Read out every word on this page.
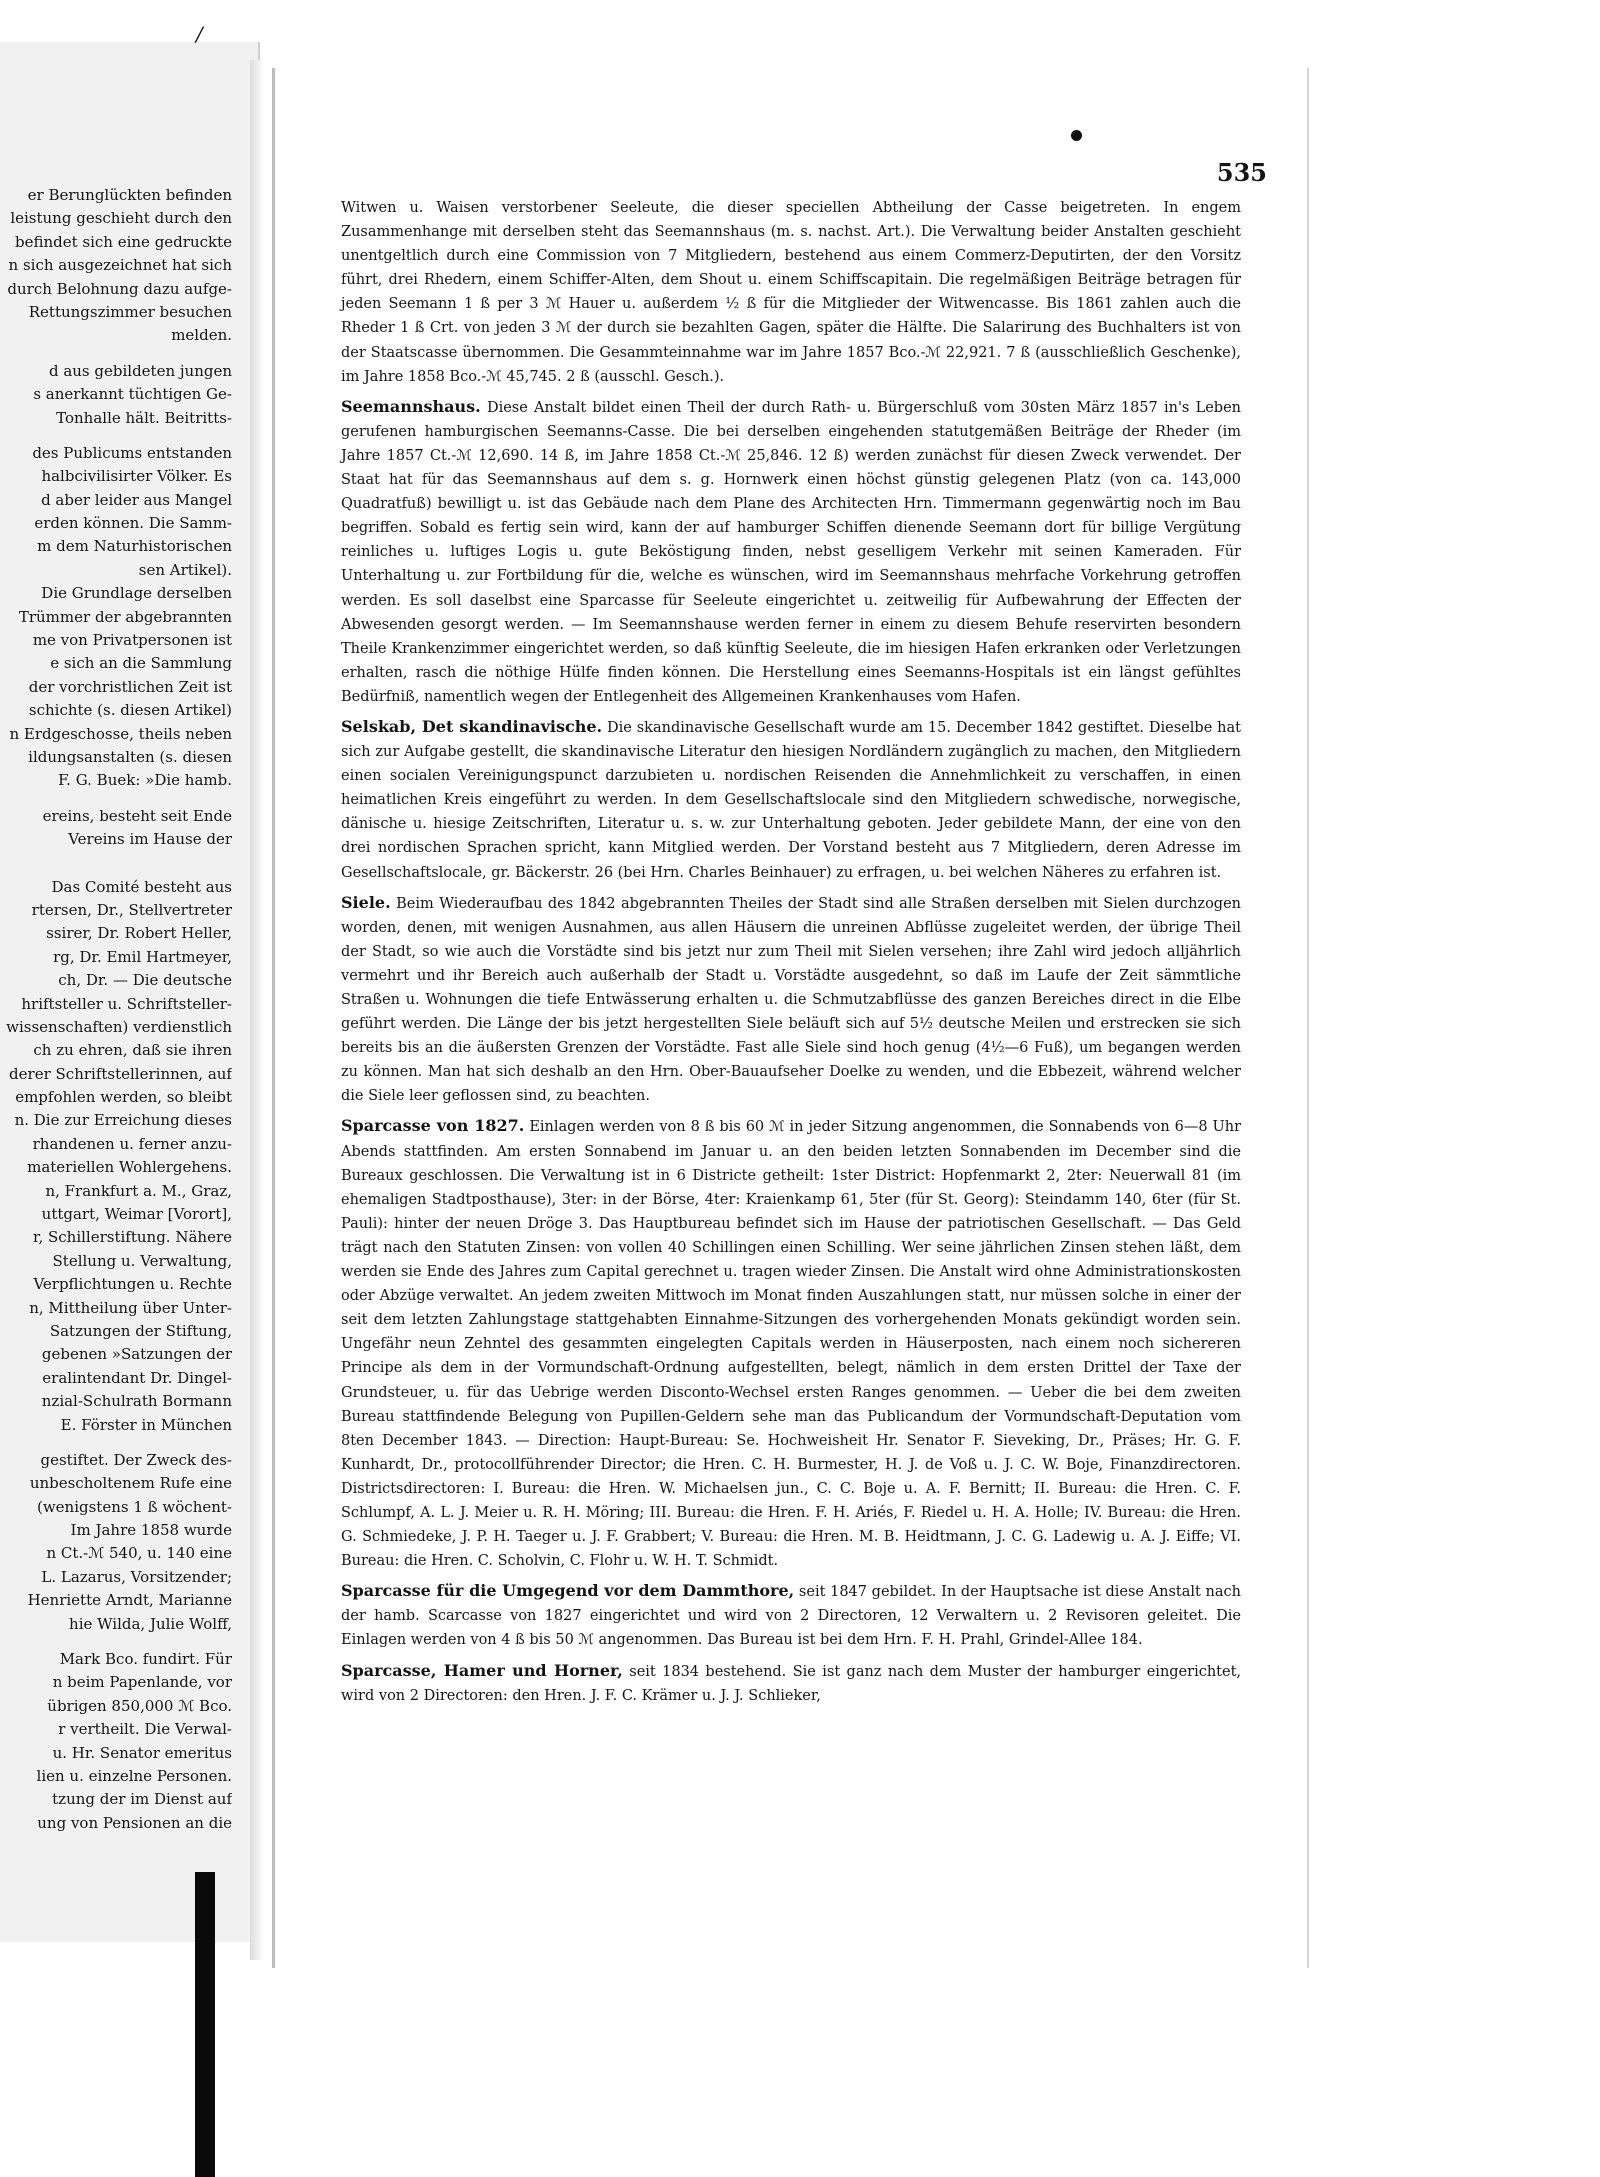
er Berunglückten befinden
leistung geschieht durch den
befindet sich eine gedruckte
n sich ausgezeichnet hat sich
durch Belohnung dazu aufge-
Rettungszimmer besuchen
melden.
d aus gebildeten jungen
s anerkannt tüchtigen Ge-
Tonhalle hält. Beitritts-
des Publicums entstanden
halbcivilisirter Völker. Es
d aber leider aus Mangel
erden können. Die Samm-
m dem Naturhistorischen
sen Artikel).
Die Grundlage derselben
Trümmer der abgebrannten
me von Privatpersonen ist
e sich an die Sammlung
der vorchristlichen Zeit ist
schichte (s. diesen Artikel)
n Erdgeschosse, theils neben
ildungsanstalten (s. diesen
F. G. Buek: »Die hamb.
ereins, besteht seit Ende
Vereins im Hause der
Das Comité besteht aus
rtersen, Dr., Stellvertreter
ssirer, Dr. Robert Heller,
rg, Dr. Emil Hartmeyer,
ch, Dr. — Die deutsche
hriftsteller u. Schriftsteller-
wissenschaften) verdienstlich
ch zu ehren, daß sie ihren
derer Schriftstellerinnen, auf
empfohlen werden, so bleibt
n. Die zur Erreichung dieses
rhandenen u. ferner anzu-
materiellen Wohlergehens.
n, Frankfurt a. M., Graz,
uttgart, Weimar [Vorort],
r, Schillerstiftung. Nähere
Stellung u. Verwaltung,
Verpflichtungen u. Rechte
n, Mittheilung über Unter-
Satzungen der Stiftung,
gebenen »Satzungen der
eralintendant Dr. Dingel-
nzial-Schulrath Bormann
E. Förster in München
gestiftet. Der Zweck des-
unbescholtenem Rufe eine
(wenigstens 1 ß wöchent-
Im Jahre 1858 wurde
n Ct.-ℳ 540, u. 140 eine
L. Lazarus, Vorsitzender;
Henriette Arndt, Marianne
hie Wilda, Julie Wolff,
Mark Bco. fundirt. Für
n beim Papenlande, vor
übrigen 850,000 ℳ Bco.
r vertheilt. Die Verwal-
u. Hr. Senator emeritus
lien u. einzelne Personen.
tzung der im Dienst auf
ung von Pensionen an die
/
535

Witwen u. Waisen verstorbener Seeleute, die dieser speciellen Abtheilung der Casse beigetreten. In engem Zusammenhange mit derselben steht das Seemannshaus (m. s. nachst. Art.). Die Verwaltung beider Anstalten geschieht unentgeltlich durch eine Commission von 7 Mitgliedern, bestehend aus einem Commerz-Deputirten, der den Vorsitz führt, drei Rhedern, einem Schiffer-Alten, dem Shout u. einem Schiffscapitain. Die regelmäßigen Beiträge betragen für jeden Seemann 1 ß per 3 ℳ Hauer u. außerdem ½ ß für die Mitglieder der Witwencasse. Bis 1861 zahlen auch die Rheder 1 ß Crt. von jeden 3 ℳ der durch sie bezahlten Gagen, später die Hälfte. Die Salarirung des Buchhalters ist von der Staatscasse übernommen. Die Gesammteinnahme war im Jahre 1857 Bco.-ℳ 22,921. 7 ß (ausschließlich Geschenke), im Jahre 1858 Bco.-ℳ 45,745. 2 ß (ausschl. Gesch.).

Seemannshaus. Diese Anstalt bildet einen Theil der durch Rath- u. Bürgerschluß vom 30sten März 1857 in's Leben gerufenen hamburgischen Seemanns-Casse. Die bei derselben eingehenden statutgemäßen Beiträge der Rheder (im Jahre 1857 Ct.-ℳ 12,690. 14 ß, im Jahre 1858 Ct.-ℳ 25,846. 12 ß) werden zunächst für diesen Zweck verwendet. Der Staat hat für das Seemannshaus auf dem s. g. Hornwerk einen höchst günstig gelegenen Platz (von ca. 143,000 Quadratfuß) bewilligt u. ist das Gebäude nach dem Plane des Architecten Hrn. Timmermann gegenwärtig noch im Bau begriffen. Sobald es fertig sein wird, kann der auf hamburger Schiffen dienende Seemann dort für billige Vergütung reinliches u. luftiges Logis u. gute Beköstigung finden, nebst geselligem Verkehr mit seinen Kameraden. Für Unterhaltung u. zur Fortbildung für die, welche es wünschen, wird im Seemannshaus mehrfache Vorkehrung getroffen werden. Es soll daselbst eine Sparcasse für Seeleute eingerichtet u. zeitweilig für Aufbewahrung der Effecten der Abwesenden gesorgt werden. — Im Seemannshause werden ferner in einem zu diesem Behufe reservirten besondern Theile Krankenzimmer eingerichtet werden, so daß künftig Seeleute, die im hiesigen Hafen erkranken oder Verletzungen erhalten, rasch die nöthige Hülfe finden können. Die Herstellung eines Seemanns-Hospitals ist ein längst gefühltes Bedürfniß, namentlich wegen der Entlegenheit des Allgemeinen Krankenhauses vom Hafen.

Selskab, Det skandinavische. Die skandinavische Gesellschaft wurde am 15. December 1842 gestiftet. Dieselbe hat sich zur Aufgabe gestellt, die skandinavische Literatur den hiesigen Nordländern zugänglich zu machen, den Mitgliedern einen socialen Vereinigungspunct darzubieten u. nordischen Reisenden die Annehmlichkeit zu verschaffen, in einen heimatlichen Kreis eingeführt zu werden. In dem Gesellschaftslocale sind den Mitgliedern schwedische, norwegische, dänische u. hiesige Zeitschriften, Literatur u. s. w. zur Unterhaltung geboten. Jeder gebildete Mann, der eine von den drei nordischen Sprachen spricht, kann Mitglied werden. Der Vorstand besteht aus 7 Mitgliedern, deren Adresse im Gesellschaftslocale, gr. Bäckerstr. 26 (bei Hrn. Charles Beinhauer) zu erfragen, u. bei welchen Näheres zu erfahren ist.

Siele. Beim Wiederaufbau des 1842 abgebrannten Theiles der Stadt sind alle Straßen derselben mit Sielen durchzogen worden, denen, mit wenigen Ausnahmen, aus allen Häusern die unreinen Abflüsse zugeleitet werden, der übrige Theil der Stadt, so wie auch die Vorstädte sind bis jetzt nur zum Theil mit Sielen versehen; ihre Zahl wird jedoch alljährlich vermehrt und ihr Bereich auch außerhalb der Stadt u. Vorstädte ausgedehnt, so daß im Laufe der Zeit sämmtliche Straßen u. Wohnungen die tiefe Entwässerung erhalten u. die Schmutzabflüsse des ganzen Bereiches direct in die Elbe geführt werden. Die Länge der bis jetzt hergestellten Siele beläuft sich auf 5½ deutsche Meilen und erstrecken sie sich bereits bis an die äußersten Grenzen der Vorstädte. Fast alle Siele sind hoch genug (4½—6 Fuß), um begangen werden zu können. Man hat sich deshalb an den Hrn. Ober-Bauaufseher Doelke zu wenden, und die Ebbezeit, während welcher die Siele leer geflossen sind, zu beachten.

Sparcasse von 1827. Einlagen werden von 8 ß bis 60 ℳ in jeder Sitzung angenommen, die Sonnabends von 6—8 Uhr Abends stattfinden. Am ersten Sonnabend im Januar u. an den beiden letzten Sonnabenden im December sind die Bureaux geschlossen. Die Verwaltung ist in 6 Districte getheilt: 1ster District: Hopfenmarkt 2, 2ter: Neuerwall 81 (im ehemaligen Stadtposthause), 3ter: in der Börse, 4ter: Kraienkamp 61, 5ter (für St. Georg): Steindamm 140, 6ter (für St. Pauli): hinter der neuen Dröge 3. Das Hauptbureau befindet sich im Hause der patriotischen Gesellschaft. — Das Geld trägt nach den Statuten Zinsen: von vollen 40 Schillingen einen Schilling. Wer seine jährlichen Zinsen stehen läßt, dem werden sie Ende des Jahres zum Capital gerechnet u. tragen wieder Zinsen. Die Anstalt wird ohne Administrationskosten oder Abzüge verwaltet. An jedem zweiten Mittwoch im Monat finden Auszahlungen statt, nur müssen solche in einer der seit dem letzten Zahlungstage stattgehabten Einnahme-Sitzungen des vorhergehenden Monats gekündigt worden sein. Ungefähr neun Zehntel des gesammten eingelegten Capitals werden in Häuserposten, nach einem noch sichereren Principe als dem in der Vormundschaft-Ordnung aufgestellten, belegt, nämlich in dem ersten Drittel der Taxe der Grundsteuer, u. für das Uebrige werden Disconto-Wechsel ersten Ranges genommen. — Ueber die bei dem zweiten Bureau stattfindende Belegung von Pupillen-Geldern sehe man das Publicandum der Vormundschaft-Deputation vom 8ten December 1843. — Direction: Haupt-Bureau: Se. Hochweisheit Hr. Senator F. Sieveking, Dr., Präses; Hr. G. F. Kunhardt, Dr., protocollführender Director; die Hren. C. H. Burmester, H. J. de Voß u. J. C. W. Boje, Finanzdirectoren. Districtsdirectoren: I. Bureau: die Hren. W. Michaelsen jun., C. C. Boje u. A. F. Bernitt; II. Bureau: die Hren. C. F. Schlumpf, A. L. J. Meier u. R. H. Möring; III. Bureau: die Hren. F. H. Ariés, F. Riedel u. H. A. Holle; IV. Bureau: die Hren. G. Schmiedeke, J. P. H. Taeger u. J. F. Grabbert; V. Bureau: die Hren. M. B. Heidtmann, J. C. G. Ladewig u. A. J. Eiffe; VI. Bureau: die Hren. C. Scholvin, C. Flohr u. W. H. T. Schmidt.

Sparcasse für die Umgegend vor dem Dammthore, seit 1847 gebildet. In der Hauptsache ist diese Anstalt nach der hamb. Scarcasse von 1827 eingerichtet und wird von 2 Directoren, 12 Verwaltern u. 2 Revisoren geleitet. Die Einlagen werden von 4 ß bis 50 ℳ angenommen. Das Bureau ist bei dem Hrn. F. H. Prahl, Grindel-Allee 184.

Sparcasse, Hamer und Horner, seit 1834 bestehend. Sie ist ganz nach dem Muster der hamburger eingerichtet, wird von 2 Directoren: den Hren. J. F. C. Krämer u. J. J. Schlieker,
